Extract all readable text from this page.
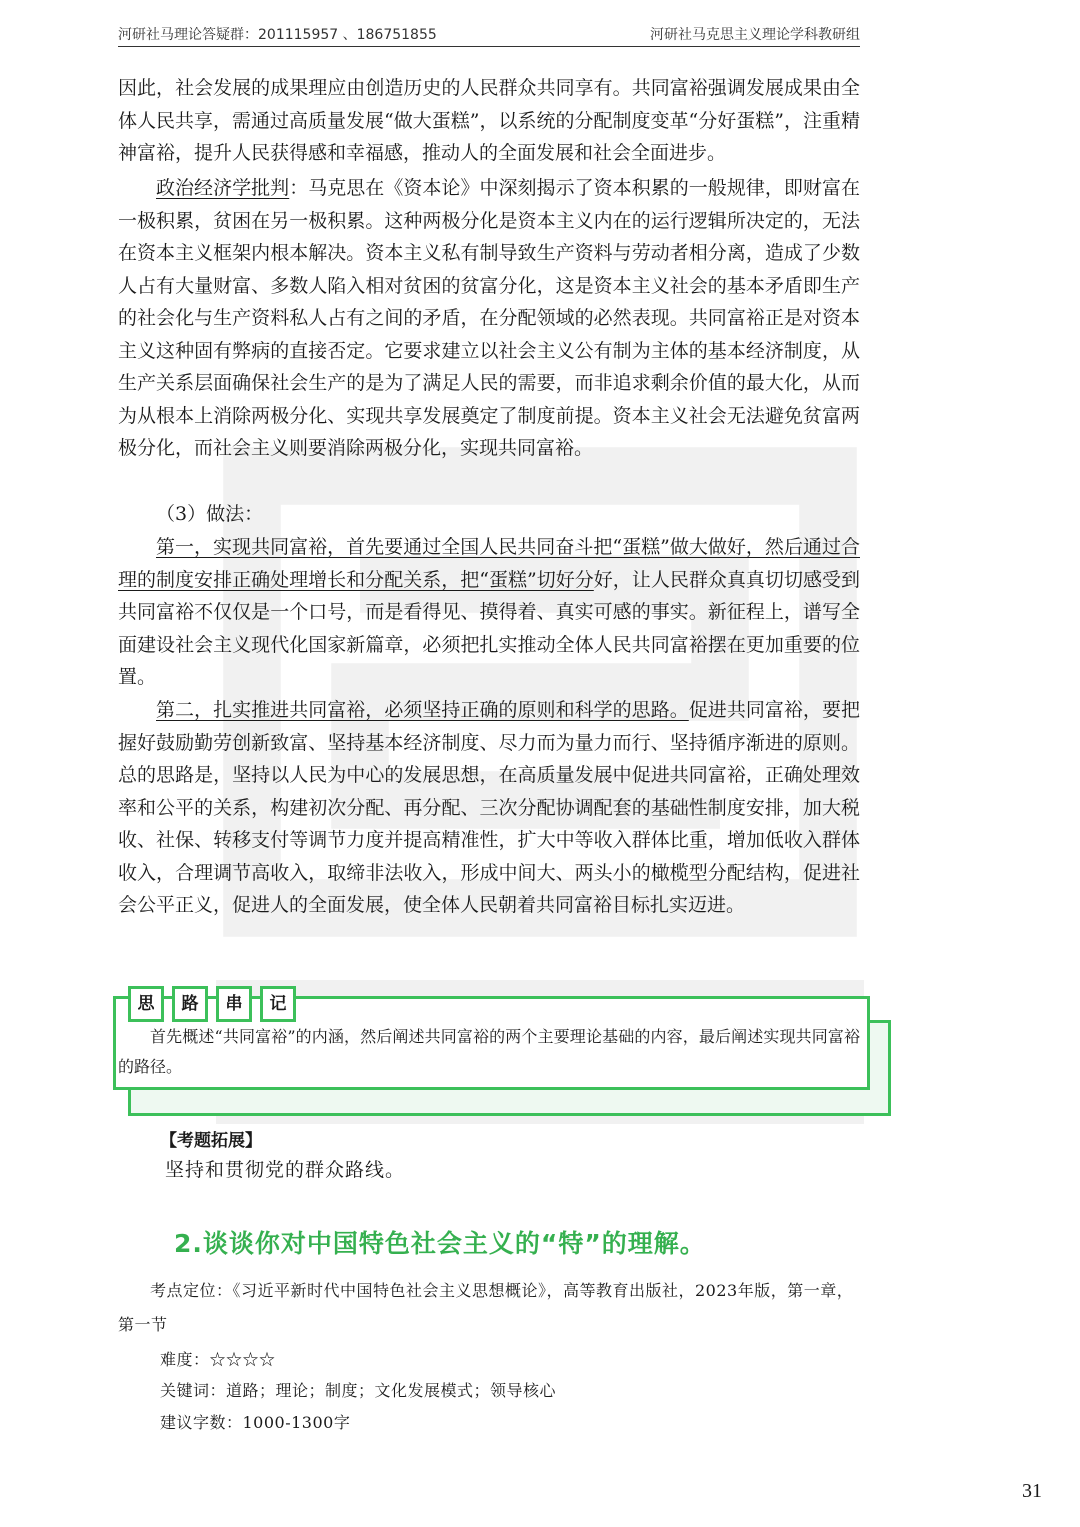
河研社马理论答疑群：201115957 、186751855	河研社马克思主义理论学科教研组

因此，社会发展的成果理应由创造历史的人民群众共同享有。共同富裕强调发展成果由全体人民共享，需通过高质量发展“做大蛋糕”，以系统的分配制度变革“分好蛋糕”，注重精神富裕，提升人民获得感和幸福感，推动人的全面发展和社会全面进步。

政治经济学批判：马克思在《资本论》中深刻揭示了资本积累的一般规律，即财富在一极积累，贫困在另一极积累。这种两极分化是资本主义内在的运行逻辑所决定的，无法在资本主义框架内根本解决。资本主义私有制导致生产资料与劳动者相分离，造成了少数人占有大量财富、多数人陷入相对贫困的贫富分化，这是资本主义社会的基本矛盾即生产的社会化与生产资料私人占有之间的矛盾，在分配领域的必然表现。共同富裕正是对资本主义这种固有弊病的直接否定。它要求建立以社会主义公有制为主体的基本经济制度，从生产关系层面确保社会生产的是为了满足人民的需要，而非追求剩余价值的最大化，从而为从根本上消除两极分化、实现共享发展奠定了制度前提。资本主义社会无法避免贫富两极分化，而社会主义则要消除两极分化，实现共同富裕。

（3）做法：

第一，实现共同富裕，首先要通过全国人民共同奋斗把“蛋糕”做大做好，然后通过合理的制度安排正确处理增长和分配关系，把“蛋糕”切好分好，让人民群众真真切切感受到共同富裕不仅仅是一个口号，而是看得见、摸得着、真实可感的事实。新征程上，谱写全面建设社会主义现代化国家新篇章，必须把扎实推动全体人民共同富裕摆在更加重要的位置。

第二，扎实推进共同富裕，必须坚持正确的原则和科学的思路。促进共同富裕，要把握好鼓励勤劳创新致富、坚持基本经济制度、尽力而为量力而行、坚持循序渐进的原则。总的思路是，坚持以人民为中心的发展思想，在高质量发展中促进共同富裕，正确处理效率和公平的关系，构建初次分配、再分配、三次分配协调配套的基础性制度安排，加大税收、社保、转移支付等调节力度并提高精准性，扩大中等收入群体比重，增加低收入群体收入，合理调节高收入，取缔非法收入，形成中间大、两头小的橄榄型分配结构，促进社会公平正义，促进人的全面发展，使全体人民朝着共同富裕目标扎实迈进。

思	路	串	记

首先概述“共同富裕”的内涵，然后阐述共同富裕的两个主要理论基础的内容，最后阐述实现共同富裕的路径。

【考题拓展】
坚持和贯彻党的群众路线。
2.谈谈你对中国特色社会主义的“特”的理解。

考点定位：《习近平新时代中国特色社会主义思想概论》，高等教育出版社，2023年版，第一章，第一节

难度：☆☆☆☆
关键词：道路；理论；制度；文化发展模式；领导核心
建议字数：1000-1300字
31
